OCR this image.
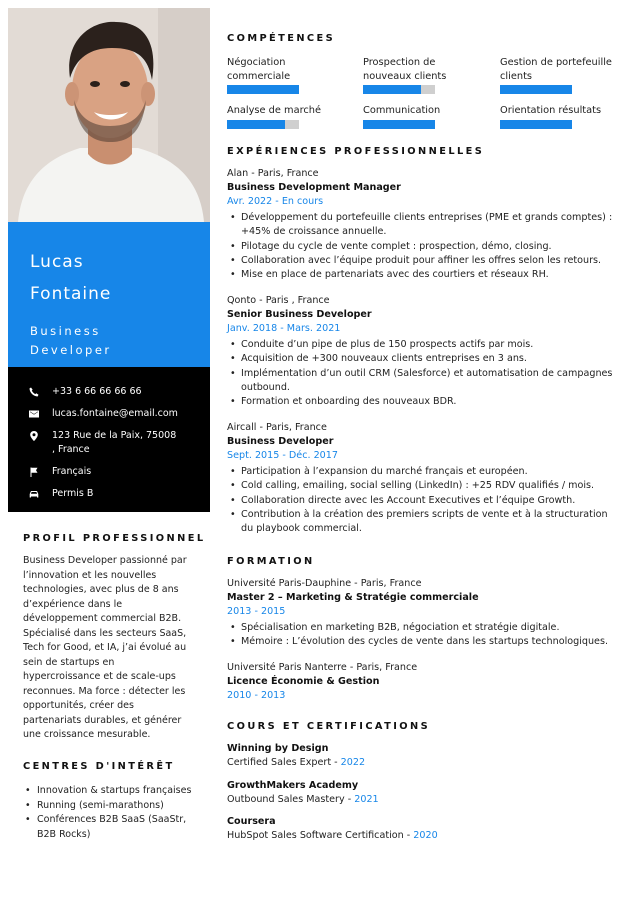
Lucas
Fontaine
Business
Developer
+33 6 66 66 66 66
lucas.fontaine@email.com
123 Rue de la Paix, 75008 , France
Français
Permis B
PROFIL PROFESSIONNEL
Business Developer passionné par l’innovation et les nouvelles technologies, avec plus de 8 ans d’expérience dans le développement commercial B2B. Spécialisé dans les secteurs SaaS, Tech for Good, et IA, j’ai évolué au sein de startups en hypercroissance et de scale-ups reconnues. Ma force : détecter les opportunités, créer des partenariats durables, et générer une croissance mesurable.
CENTRES D'INTÉRÊT
• Innovation & startups françaises
• Running (semi-marathons)
• Conférences B2B SaaS (SaaStr, B2B Rocks)
COMPÉTENCES
Négociation commerciale
Prospection de nouveaux clients
Gestion de portefeuille clients
Analyse de marché	Communication	Orientation résultats
EXPÉRIENCES PROFESSIONNELLES
Alan - Paris, France
Business Development Manager
Avr. 2022 - En cours
• Développement du portefeuille clients entreprises (PME et grands comptes) : +45% de croissance annuelle.
• Pilotage du cycle de vente complet : prospection, démo, closing.
• Collaboration avec l’équipe produit pour affiner les offres selon les retours.
• Mise en place de partenariats avec des courtiers et réseaux RH.
Qonto - Paris , France
Senior Business Developer
Janv. 2018 - Mars. 2021
• Conduite d’un pipe de plus de 150 prospects actifs par mois.
• Acquisition de +300 nouveaux clients entreprises en 3 ans.
• Implémentation d’un outil CRM (Salesforce) et automatisation de campagnes outbound.
• Formation et onboarding des nouveaux BDR.
Aircall - Paris, France
Business Developer
Sept. 2015 - Déc. 2017
• Participation à l’expansion du marché français et européen.
• Cold calling, emailing, social selling (LinkedIn) : +25 RDV qualifiés / mois.
• Collaboration directe avec les Account Executives et l’équipe Growth.
• Contribution à la création des premiers scripts de vente et à la structuration du playbook commercial.
FORMATION
Université Paris-Dauphine - Paris, France
Master 2 – Marketing & Stratégie commerciale
2013 - 2015
• Spécialisation en marketing B2B, négociation et stratégie digitale.
• Mémoire : L’évolution des cycles de vente dans les startups technologiques.
Université Paris Nanterre - Paris, France
Licence Économie & Gestion
2010 - 2013
COURS ET CERTIFICATIONS
Winning by Design
Certified Sales Expert - 2022
GrowthMakers Academy
Outbound Sales Mastery - 2021
Coursera
HubSpot Sales Software Certification - 2020
